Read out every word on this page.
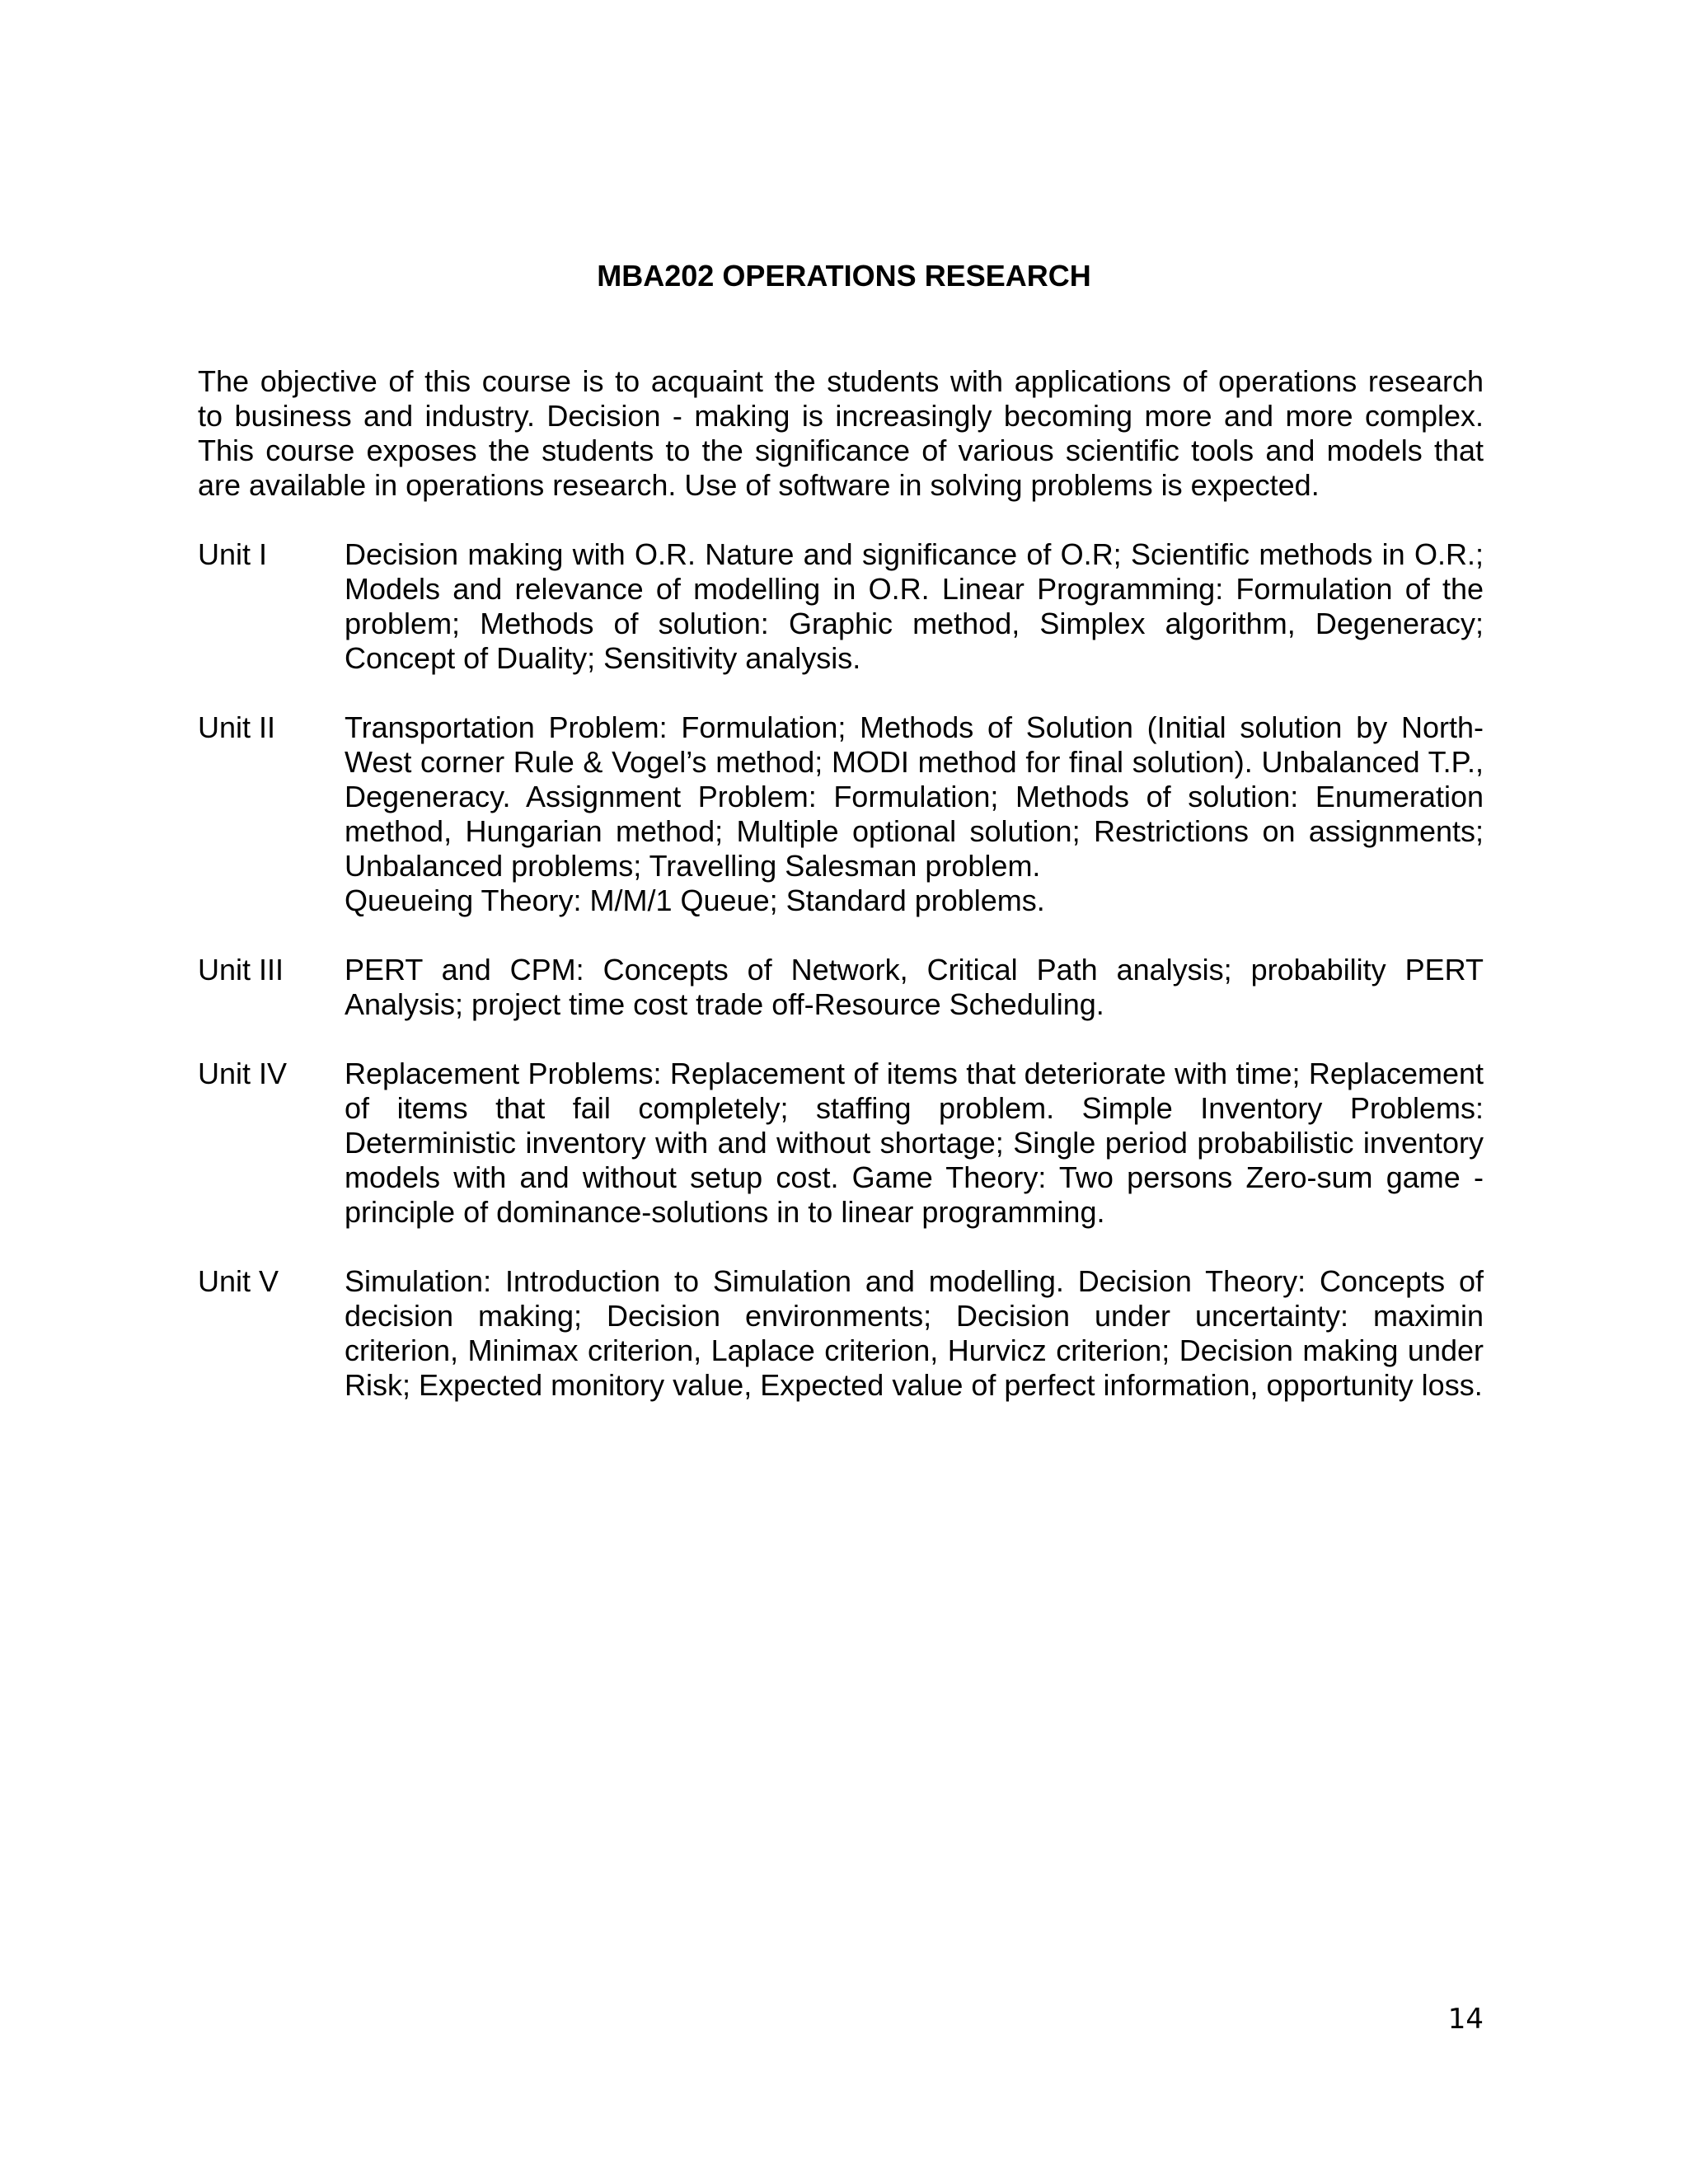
MBA202 OPERATIONS RESEARCH
The objective of this course is to acquaint the students with applications of operations research
to business and industry. Decision - making is increasingly becoming more and more complex.
This course exposes the students to the significance of various scientific tools and models that
are available in operations research. Use of software in solving problems is expected.
Unit I	Decision making with O.R. Nature and significance of O.R; Scientific methods in O.R.; Models and relevance of modelling in O.R. Linear Programming: Formulation of the problem; Methods of solution: Graphic method, Simplex algorithm, Degeneracy; Concept of Duality; Sensitivity analysis.
Unit II	Transportation Problem: Formulation; Methods of Solution (Initial solution by North-West corner Rule & Vogel’s method; MODI method for final solution). Unbalanced T.P., Degeneracy. Assignment Problem: Formulation; Methods of solution: Enumeration method, Hungarian method; Multiple optional solution; Restrictions on assignments; Unbalanced problems; Travelling Salesman problem.
Queueing Theory: M/M/1 Queue; Standard problems.
Unit III	PERT and CPM: Concepts of Network, Critical Path analysis; probability PERT Analysis; project time cost trade off-Resource Scheduling.
Unit IV	Replacement Problems: Replacement of items that deteriorate with time; Replacement of items that fail completely; staffing problem. Simple Inventory Problems: Deterministic inventory with and without shortage; Single period probabilistic inventory models with and without setup cost. Game Theory: Two persons Zero-sum game - principle of dominance-solutions in to linear programming.
Unit V	Simulation: Introduction to Simulation and modelling. Decision Theory: Concepts of decision making; Decision environments; Decision under uncertainty: maximin criterion, Minimax criterion, Laplace criterion, Hurvicz criterion; Decision making under Risk; Expected monitory value, Expected value of perfect information, opportunity loss.
14
